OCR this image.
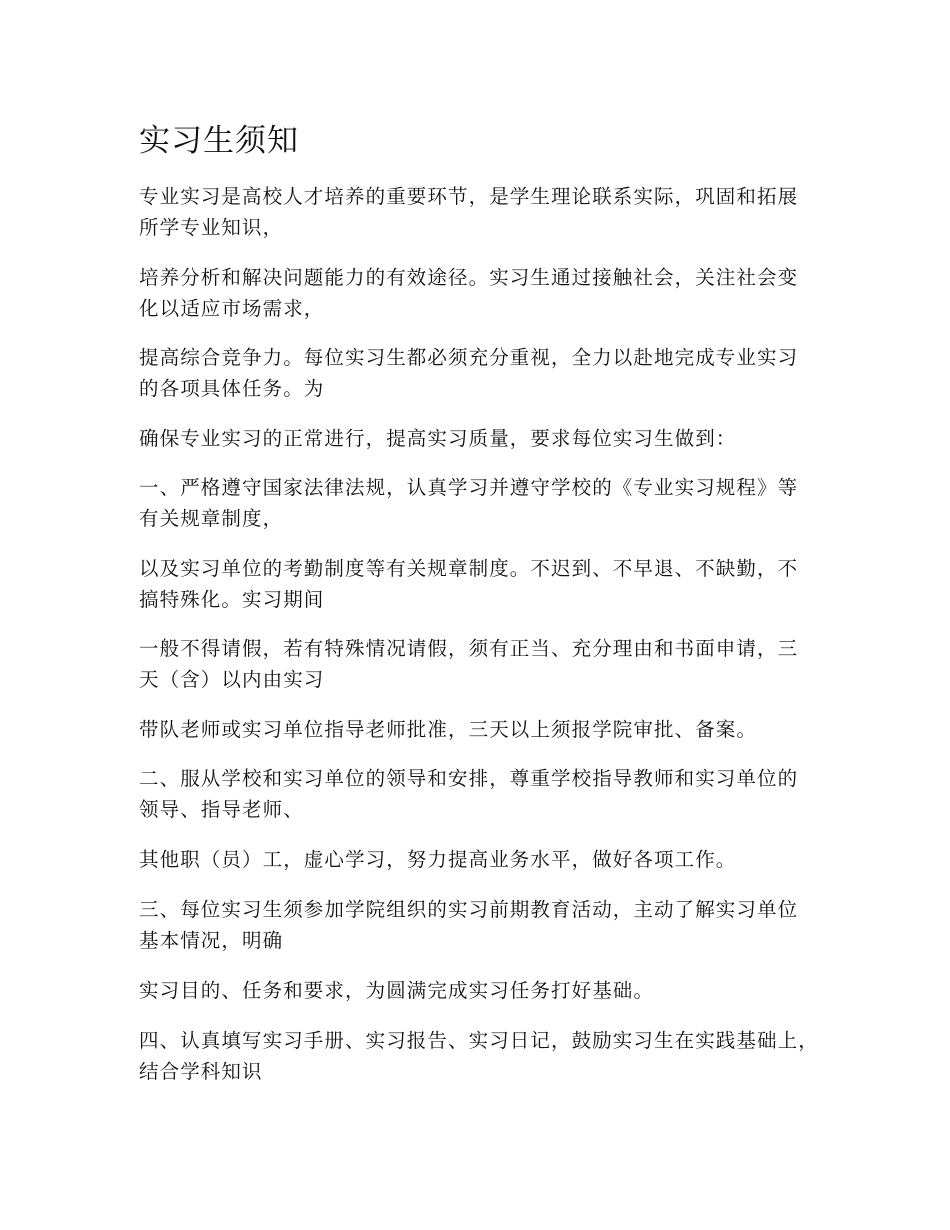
实习生须知

专业实习是高校人才培养的重要环节，是学生理论联系实际，巩固和拓展
所学专业知识，

培养分析和解决问题能力的有效途径。实习生通过接触社会，关注社会变
化以适应市场需求，

提高综合竞争力。每位实习生都必须充分重视，全力以赴地完成专业实习
的各项具体任务。为

确保专业实习的正常进行，提高实习质量，要求每位实习生做到：

一、严格遵守国家法律法规，认真学习并遵守学校的《专业实习规程》等
有关规章制度，

以及实习单位的考勤制度等有关规章制度。不迟到、不早退、不缺勤，不
搞特殊化。实习期间

一般不得请假，若有特殊情况请假，须有正当、充分理由和书面申请，三
天（含）以内由实习

带队老师或实习单位指导老师批准，三天以上须报学院审批、备案。

二、服从学校和实习单位的领导和安排，尊重学校指导教师和实习单位的
领导、指导老师、

其他职（员）工，虚心学习，努力提高业务水平，做好各项工作。

三、每位实习生须参加学院组织的实习前期教育活动，主动了解实习单位
基本情况，明确

实习目的、任务和要求，为圆满完成实习任务打好基础。

四、认真填写实习手册、实习报告、实习日记，鼓励实习生在实践基础上，
结合学科知识
